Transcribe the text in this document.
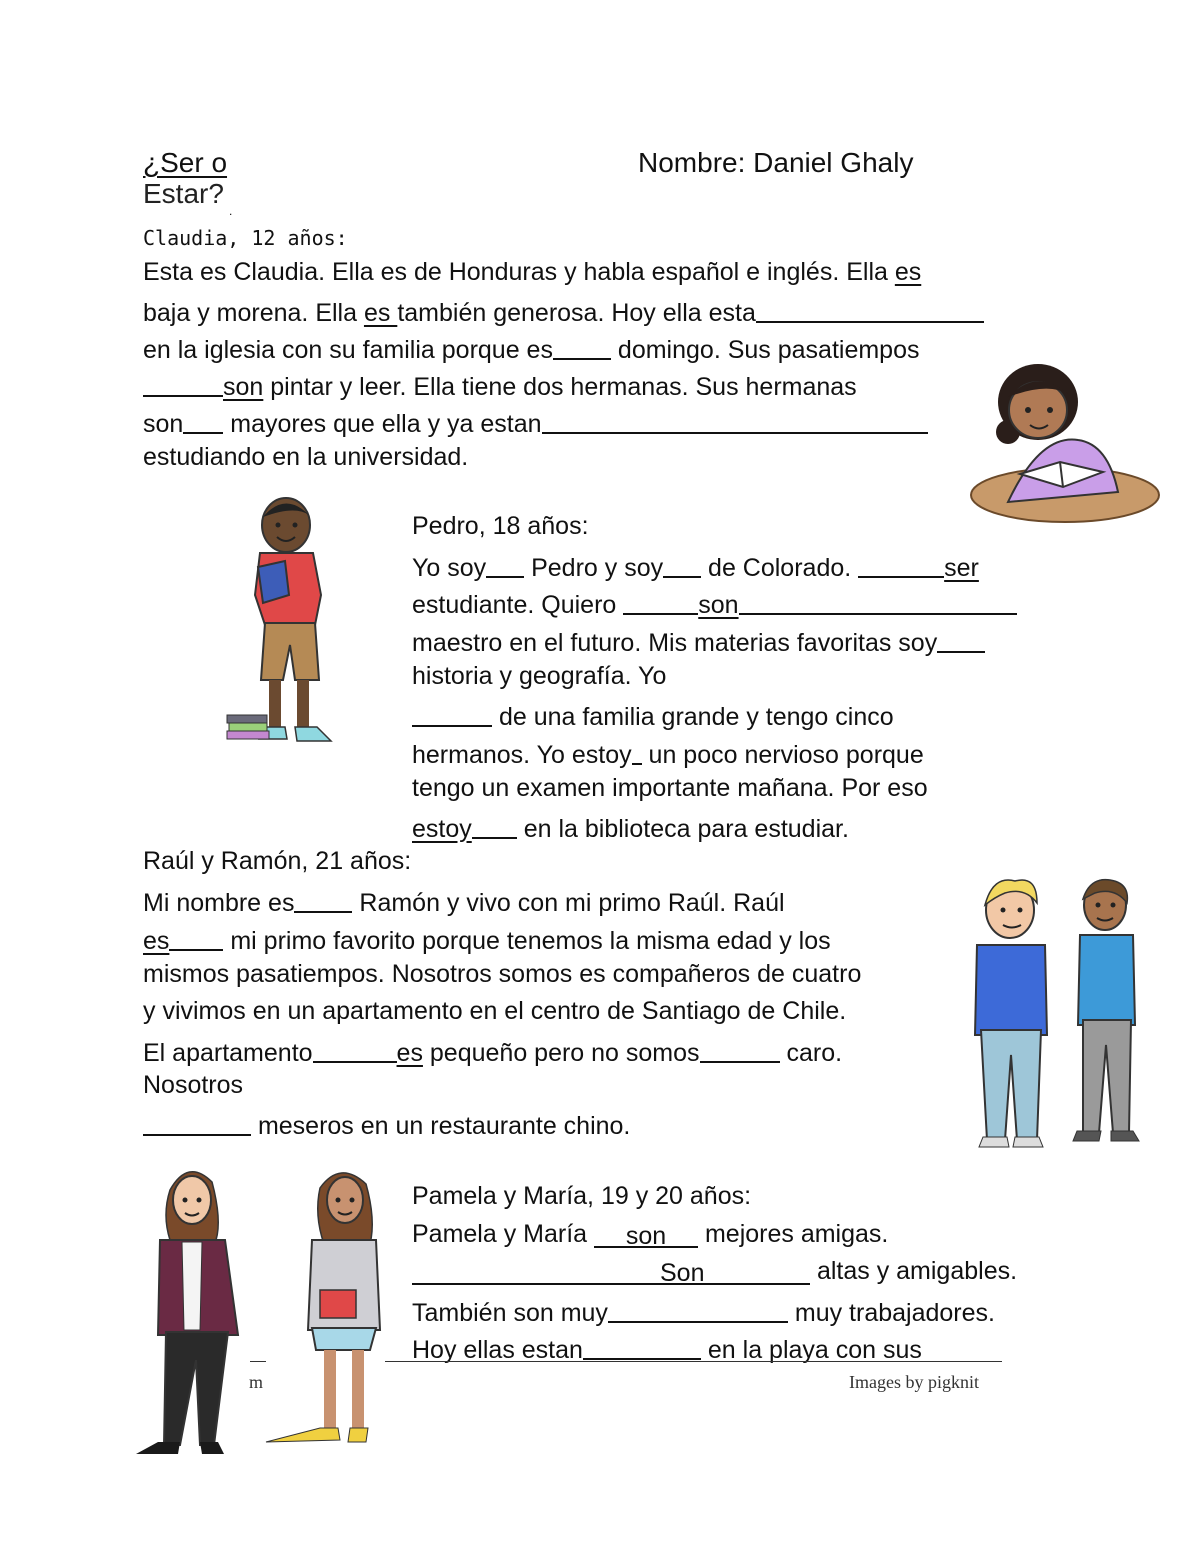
¿Ser o
Estar?
Nombre: Daniel Ghaly
.
Claudia, 12 años:
Esta es Claudia. Ella es de Honduras y habla español e inglés. Ella es
baja y morena. Ella es también generosa. Hoy ella esta
en la iglesia con su familia porque es domingo. Sus pasatiempos
son pintar y leer. Ella tiene dos hermanas. Sus hermanas
son mayores que ella y ya estan
estudiando en la universidad.
Pedro, 18 años:
Yo soy Pedro y soy de Colorado.	ser
estudiante. Quiero	son
maestro en el futuro. Mis materias favoritas soy
historia y geografía. Yo
de una familia grande y tengo cinco
hermanos. Yo estoy un poco nervioso porque
tengo un examen importante mañana. Por eso
estoy en la biblioteca para estudiar.
Raúl y Ramón, 21 años:
Mi nombre es Ramón y vivo con mi primo Raúl. Raúl
es mi primo favorito porque tenemos la misma edad y los
mismos pasatiempos. Nosotros somos es compañeros de cuatro
y vivimos en un apartamento en el centro de Santiago de Chile.
El apartamento	es pequeño pero no somos	caro.
Nosotros
meseros en un restaurante chino.
Pamela y María, 19 y 20 años:
Pamela y María	son	mejores amigas.
Son	altas y amigables.
También son muy	muy trabajadores.
Hoy ellas estan	en la playa con sus
m	Images by pigknit
